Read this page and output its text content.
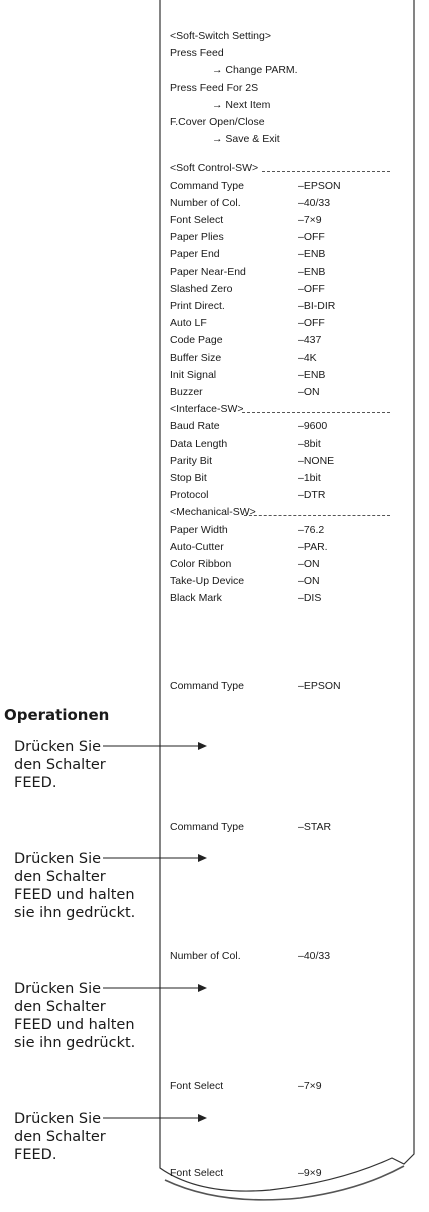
<Soft-Switch Setting>
Press Feed
→ Change PARM.
Press Feed For 2S
→ Next Item
F.Cover Open/Close
→ Save & Exit
<Soft Control-SW>
Command Type	–EPSON
Number of Col.	–40/33
Font Select	–7×9
Paper Plies	–OFF
Paper End	–ENB
Paper Near-End	–ENB
Slashed Zero	–OFF
Print Direct.	–BI-DIR
Auto LF	–OFF
Code Page	–437
Buffer Size	–4K
Init Signal	–ENB
Buzzer	–ON
<Interface-SW>
Baud Rate	–9600
Data Length	–8bit
Parity Bit	–NONE
Stop Bit	–1bit
Protocol	–DTR
<Mechanical-SW>
Paper Width	–76.2
Auto-Cutter	–PAR.
Color Ribbon	–ON
Take-Up Device	–ON
Black Mark	–DIS
Command Type	–EPSON
Command Type	–STAR
Number of Col.	–40/33
Font Select	–7×9
Font Select	–9×9
Operationen
Drücken Sie
den Schalter
FEED.
Drücken Sie
den Schalter
FEED und halten
sie ihn gedrückt.
Drücken Sie
den Schalter
FEED und halten
sie ihn gedrückt.
Drücken Sie
den Schalter
FEED.
